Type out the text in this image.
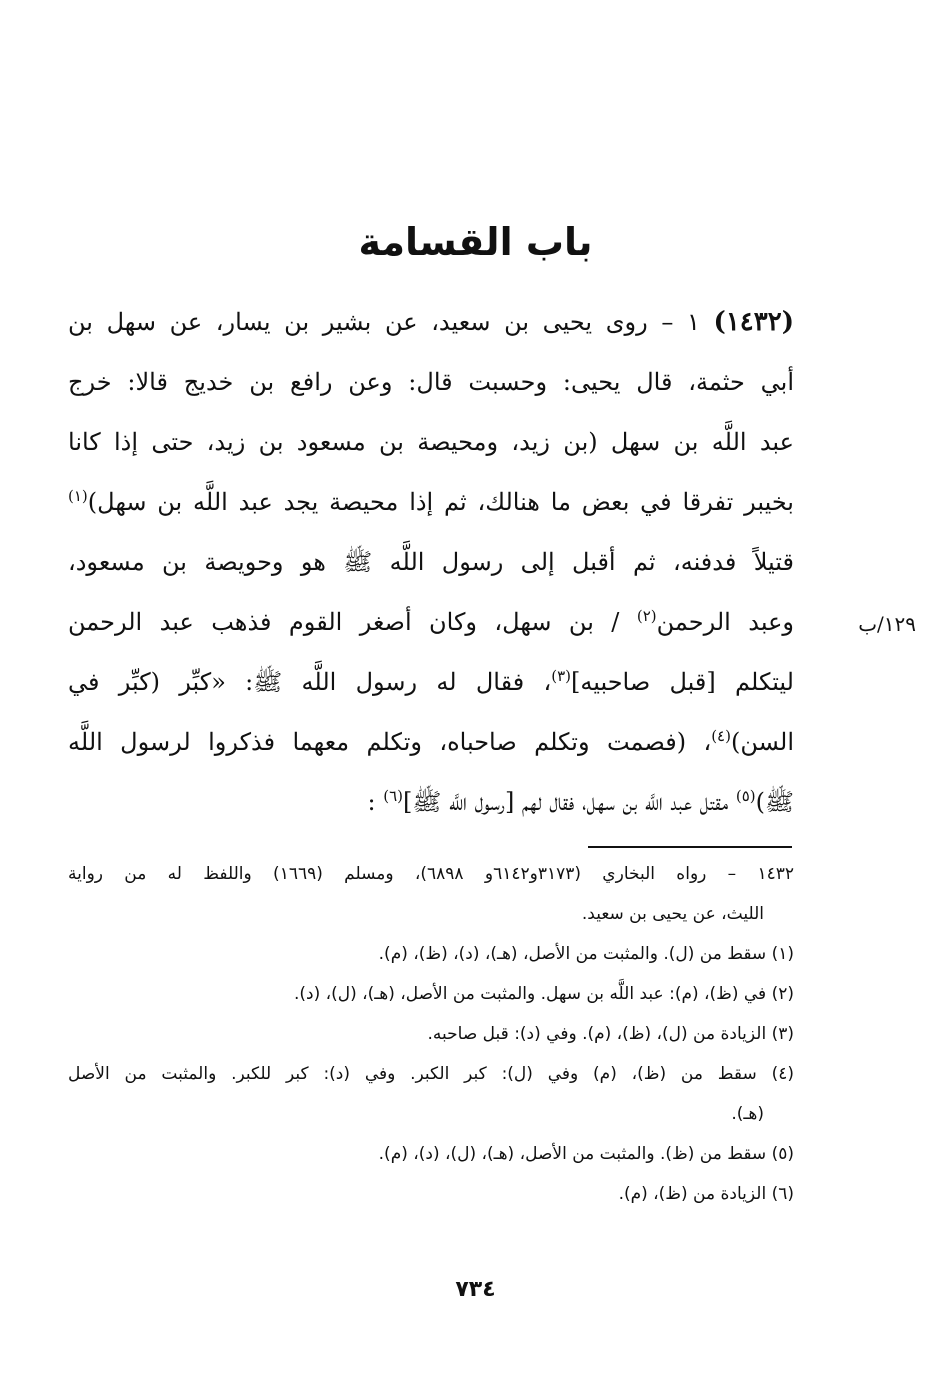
باب القسامة
١٢٩/ب
(١٤٣٢) ١ – روى يحيى بن سعيد، عن بشير بن يسار، عن سهل بن
أبي حثمة، قال يحيى: وحسبت قال: وعن رافع بن خديج قالا: خرج
عبد اللَّه بن سهل (بن زيد، ومحيصة بن مسعود بن زيد، حتى إذا كانا
بخيبر تفرقا في بعض ما هنالك، ثم إذا محيصة يجد عبد اللَّه بن سهل)$^{(١)}$
قتيلاً فدفنه، ثم أقبل إلى رسول اللَّه ﷺ هو وحويصة بن مسعود،
وعبد الرحمن$^{(٢)}$ / بن سهل، وكان أصغر القوم فذهب عبد الرحمن
ليتكلم [قبل صاحبيه]$^{(٣)}$، فقال له رسول اللَّه ﷺ: «كبِّر (كبِّر في
السن)$^{(٤)}$، (فصمت وتكلم صاحباه، وتكلم معهما فذكروا لرسول اللَّه
ﷺ)$^{(٥)}$ مقتل عبد اللَّه بن سهل، فقال لهم [رسول اللَّه ﷺ]$^{(٦)}$ :
١٤٣٢ – رواه البخاري (٣١٧٣و٦١٤٢و ٦٨٩٨)، ومسلم (١٦٦٩) واللفظ له من رواية
الليث، عن يحيى بن سعيد.
(١) سقط من (ل). والمثبت من الأصل، (هـ)، (د)، (ظ)، (م).
(٢) في (ظ)، (م): عبد اللَّه بن سهل. والمثبت من الأصل، (هـ)، (ل)، (د).
(٣) الزيادة من (ل)، (ظ)، (م). وفي (د): قبل صاحبه.
(٤) سقط من (ظ)، (م) وفي (ل): كبر الكبر. وفي (د): كبر للكبر. والمثبت من الأصل
(هـ).
(٥) سقط من (ظ). والمثبت من الأصل، (هـ)، (ل)، (د)، (م).
(٦) الزيادة من (ظ)، (م).
٧٣٤
